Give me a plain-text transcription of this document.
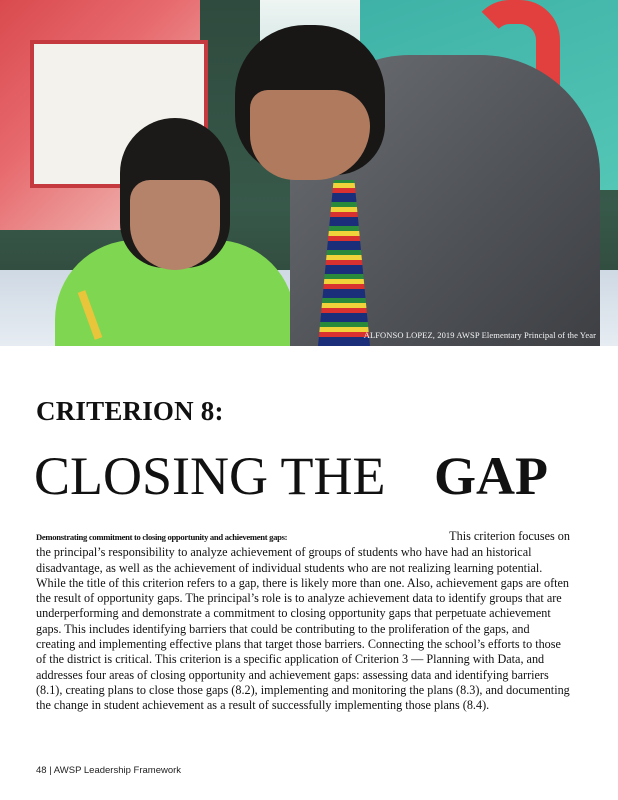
ALFONSO LOPEZ, 2019 AWSP Elementary Principal of the Year
CRITERION 8:
CLOSING THE GAP
Demonstrating commitment to closing opportunity and achievement gaps:	This criterion focuses on

the principal’s responsibility to analyze achievement of groups of students who have had an historical disadvantage, as well as the achievement of individual students who are not realizing learning potential. While the title of this criterion refers to a gap, there is likely more than one. Also, achievement gaps are often the result of opportunity gaps. The principal’s role is to analyze achievement data to identify groups that are underperforming and demonstrate a commitment to closing opportunity gaps that perpetuate achievement gaps. This includes identifying barriers that could be contributing to the proliferation of the gaps, and creating and implementing effective plans that target those barriers. Connecting the school’s efforts to those of the district is critical. This criterion is a specific application of Criterion 3 — Planning with Data, and addresses four areas of closing opportunity and achievement gaps: assessing data and identifying barriers (8.1), creating plans to close those gaps (8.2), implementing and monitoring the plans (8.3), and documenting the change in student achievement as a result of successfully implementing those plans (8.4).

48 | AWSP Leadership Framework
